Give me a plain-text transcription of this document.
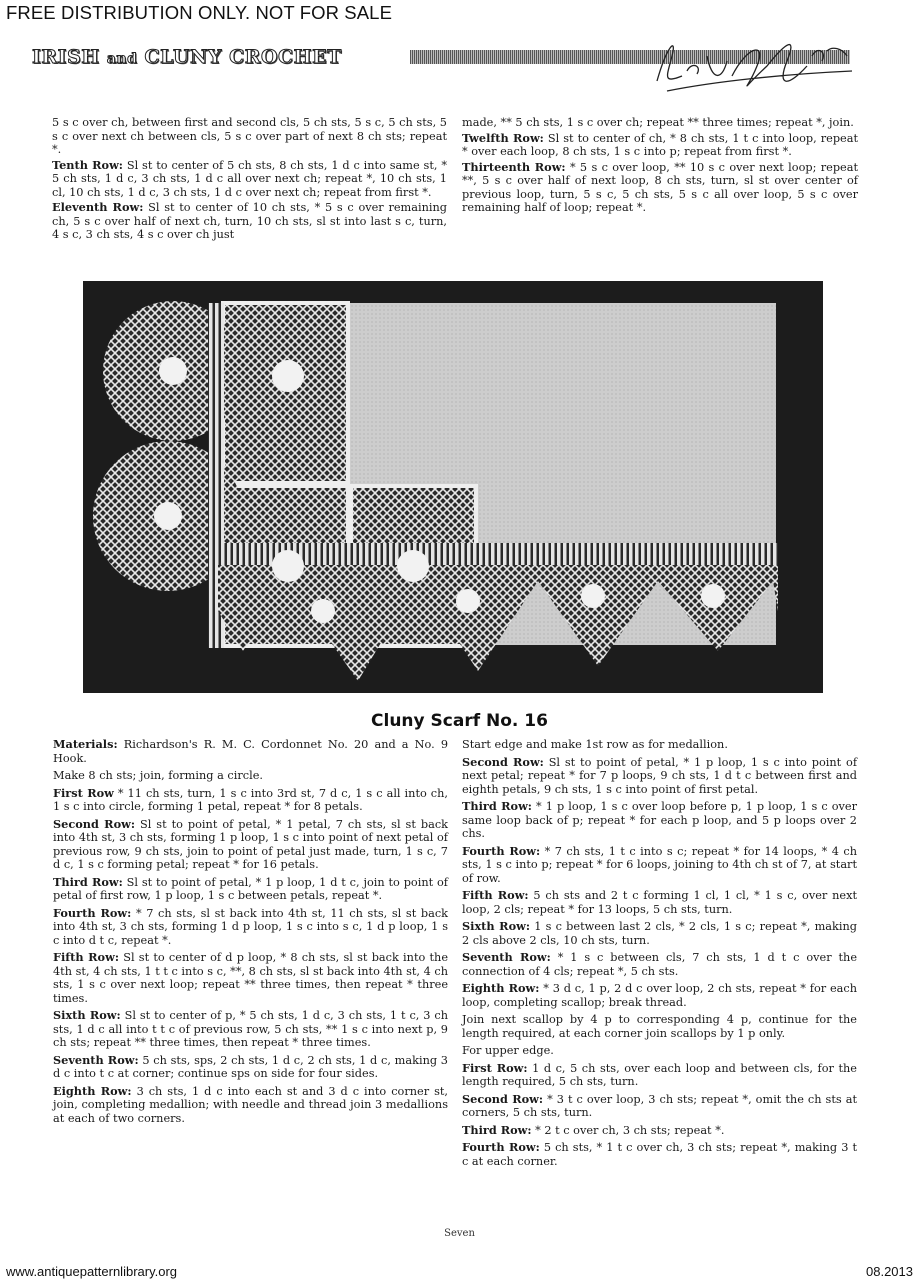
FREE DISTRIBUTION ONLY. NOT FOR SALE
IRISH and CLUNY CROCHET

5 s c over ch, between first and second cls, 5 ch sts, 5 s c, 5 ch sts, 5 s c over next ch between cls, 5 s c over part of next 8 ch sts; repeat *.

Tenth Row: Sl st to center of 5 ch sts, 8 ch sts, 1 d c into same st, * 5 ch sts, 1 d c, 3 ch sts, 1 d c all over next ch; repeat *, 10 ch sts, 1 cl, 10 ch sts, 1 d c, 3 ch sts, 1 d c over next ch; repeat from first *.

Eleventh Row: Sl st to center of 10 ch sts, * 5 s c over remaining ch, 5 s c over half of next ch, turn, 10 ch sts, sl st into last s c, turn, 4 s c, 3 ch sts, 4 s c over ch just

made, ** 5 ch sts, 1 s c over ch; repeat ** three times; repeat *, join.

Twelfth Row: Sl st to center of ch, * 8 ch sts, 1 t c into loop, repeat * over each loop, 8 ch sts, 1 s c into p; repeat from first *.

Thirteenth Row: * 5 s c over loop, ** 10 s c over next loop; repeat **, 5 s c over half of next loop, 8 ch sts, turn, sl st over center of previous loop, turn, 5 s c, 5 ch sts, 5 s c all over loop, 5 s c over remaining half of loop; repeat *.

Cluny Scarf No. 16

Materials: Richardson's R. M. C. Cordonnet No. 20 and a No. 9 Hook.

Make 8 ch sts; join, forming a circle.

First Row * 11 ch sts, turn, 1 s c into 3rd st, 7 d c, 1 s c all into ch, 1 s c into circle, forming 1 petal, repeat * for 8 petals.

Second Row: Sl st to point of petal, * 1 petal, 7 ch sts, sl st back into 4th st, 3 ch sts, forming 1 p loop, 1 s c into point of next petal of previous row, 9 ch sts, join to point of petal just made, turn, 1 s c, 7 d c, 1 s c forming petal; repeat * for 16 petals.

Third Row: Sl st to point of petal, * 1 p loop, 1 d t c, join to point of petal of first row, 1 p loop, 1 s c between petals, repeat *.

Fourth Row: * 7 ch sts, sl st back into 4th st, 11 ch sts, sl st back into 4th st, 3 ch sts, forming 1 d p loop, 1 s c into s c, 1 d p loop, 1 s c into d t c, repeat *.

Fifth Row: Sl st to center of d p loop, * 8 ch sts, sl st back into the 4th st, 4 ch sts, 1 t t c into s c, **, 8 ch sts, sl st back into 4th st, 4 ch sts, 1 s c over next loop; repeat ** three times, then repeat * three times.

Sixth Row: Sl st to center of p, * 5 ch sts, 1 d c, 3 ch sts, 1 t c, 3 ch sts, 1 d c all into t t c of previous row, 5 ch sts, ** 1 s c into next p, 9 ch sts; repeat ** three times, then repeat * three times.

Seventh Row: 5 ch sts, sps, 2 ch sts, 1 d c, 2 ch sts, 1 d c, making 3 d c into t c at corner; continue sps on side for four sides.

Eighth Row: 3 ch sts, 1 d c into each st and 3 d c into corner st, join, completing medallion; with needle and thread join 3 medallions at each of two corners.

Start edge and make 1st row as for medallion.

Second Row: Sl st to point of petal, * 1 p loop, 1 s c into point of next petal; repeat * for 7 p loops, 9 ch sts, 1 d t c between first and eighth petals, 9 ch sts, 1 s c into point of first petal.

Third Row: * 1 p loop, 1 s c over loop before p, 1 p loop, 1 s c over same loop back of p; repeat * for each p loop, and 5 p loops over 2 chs.

Fourth Row: * 7 ch sts, 1 t c into s c; repeat * for 14 loops, * 4 ch sts, 1 s c into p; repeat * for 6 loops, joining to 4th ch st of 7, at start of row.

Fifth Row: 5 ch sts and 2 t c forming 1 cl, 1 cl, * 1 s c, over next loop, 2 cls; repeat * for 13 loops, 5 ch sts, turn.

Sixth Row: 1 s c between last 2 cls, * 2 cls, 1 s c; repeat *, making 2 cls above 2 cls, 10 ch sts, turn.

Seventh Row: * 1 s c between cls, 7 ch sts, 1 d t c over the connection of 4 cls; repeat *, 5 ch sts.

Eighth Row: * 3 d c, 1 p, 2 d c over loop, 2 ch sts, repeat * for each loop, completing scallop; break thread.

Join next scallop by 4 p to corresponding 4 p, continue for the length required, at each corner join scallops by 1 p only.

For upper edge.

First Row: 1 d c, 5 ch sts, over each loop and between cls, for the length required, 5 ch sts, turn.

Second Row: * 3 t c over loop, 3 ch sts; repeat *, omit the ch sts at corners, 5 ch sts, turn.

Third Row: * 2 t c over ch, 3 ch sts; repeat *.

Fourth Row: 5 ch sts, * 1 t c over ch, 3 ch sts; repeat *, making 3 t c at each corner.

Seven
www.antiquepatternlibrary.org	08.2013
